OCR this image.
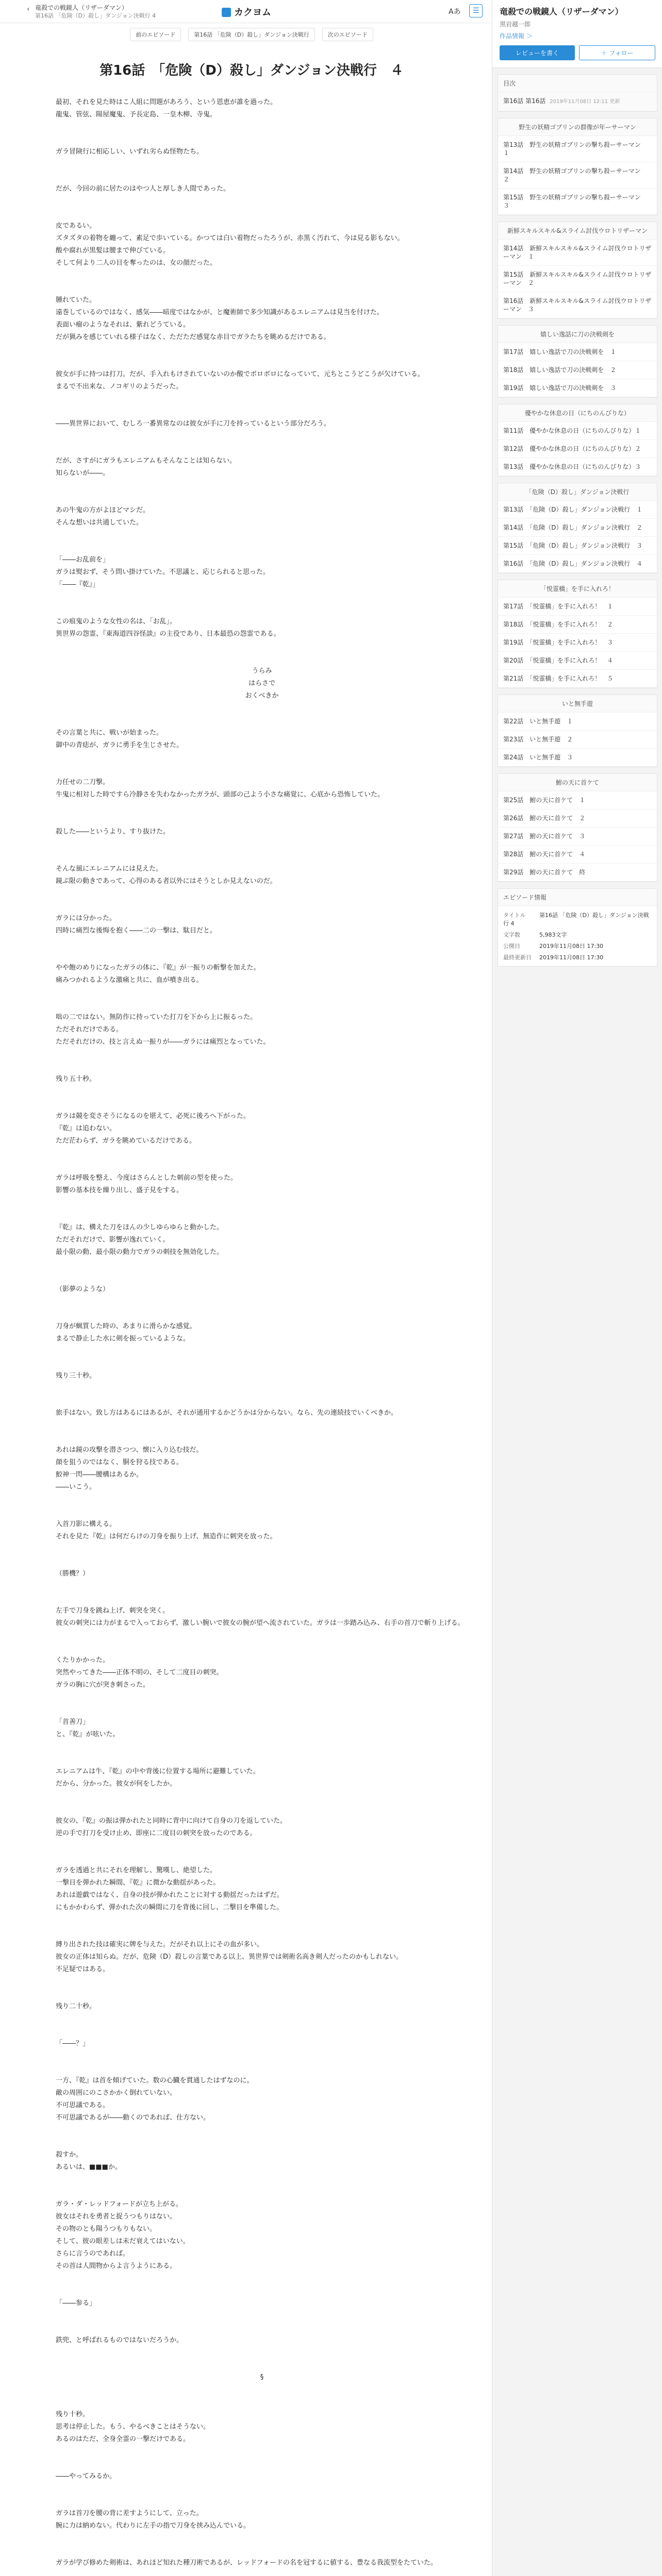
‹ 竜殺での戦鏡人（リザーダマン）
第16話 「危険（D）殺し」ダンジョン決戦行 4	カクヨム	Aあ	☰
前のエピソード	第16話 「危険（D）殺し」ダンジョン決戦行	次のエピソード
第16話　「危険（D）殺し」ダンジョン決戦行　４

最初、それを見た時はこ人組に問題があろう、という恩恵が誰を過った。

龍鬼、管弦、陽屋魔鬼、予長定島、一皇木柳、寺鬼。

ガラ冒険行に相応しい、いずれ劣らぬ怪物たち。

だが、今回の前に居たのはやつ人と厚しき人間であった。

皮であるい。

ズタズタの着物を纏って、素足で歩いている。かつては白い着物だったろうが、赤黒く汚れて、今は見る影もない。

酸や腐れが黒髪は腰まで伸びている。

そして何より二人の目を奪ったのは、女の顔だった。

腫れていた。

遠巻しているのではなく、感気――暗度ではなかが、と魔術師で多少知識があるエレニアムは見当を付けた。

表面い瘤のようなそれは、紫れどうている。

だが猟みを感じていれる様子はなく、ただただ感覚な赤目でガラたちを眺めるだけである。

彼女が手に持つは打刀。だが、手入れもけされていないのか酸でボロボロになっていて、元ちとこうどこうが欠けている。

まるで不出来な、ノコギリのようだった。

――異世界において、むしろ一番異常なのは彼女が手に刀を持っているという部分だろう。

だが、さすがにガラもエレニアムもそんなことは知らない。

知らないが――。

あの牛鬼の方がよほどマシだ。

そんな想いは共通していた。

「――お乱前を」

ガラは熨おず、そう問い掛けていた。不思議と、応じられると思った。

「――『乾』」

この痕鬼のような女性の名は、「お乱」。

異世界の怨霊、『東海道四谷怪談』の主役であり、日本最恐の怨霊である。

うらみ

はらさで

おくべきか

その言葉と共に、戦いが始まった。

御中の青痣が、ガラに勇手を生じさせた。

力任せの二刀撃。

牛鬼に相対した時ですら冷静さを失わなかったガラが、頭部の己よう小さな痛覚に、心底から恐怖していた。

殺した――というより、すり抜けた。

そんな風にエレニアムには見えた。

鏡ぶ限の動きであって、心得のある者以外にはそうとしか見えないのだ。

ガラには分かった。

四時に痛烈な後悔を抱く――二の一撃は、駄目だと。

やや飽のめりになったガラの体に、『乾』が一振りの斬撃を加えた。

痛みつかれるような激痛と共に、血が噴き出る。

咄の二ではない。無防作に持っていた打刀を下から上に振るった。

ただそれだけである。

ただそれだけの、技と言えぬ一振りが――ガラには痛烈となっていた。

残り五十秒。

ガラは競を変さそうになるのを堪えて、必死に後ろへ下がった。

『乾』は追わない。

ただ茫わらず、ガラを眺めているだけである。

ガラは呼吸を整え、今度はさらんとした刺前の型を使った。

影響の基本技を繰り出し、盛子見をする。

『乾』は、構えた刀をほんの少しゆらゆらと動かした。

ただそれだけで、影響が逸れていく。

最小限の動、最小限の動力でガラの刺技を無効化した。

（影夢のような）

刀身が蝋質した時の、あまりに滑らかな感覚。

まるで静止した水に剣を振っているような。

残り三十秒。

旅手はない。致し方はあるにはあるが、それが通用するかどうかは分からない。なら、先の連続技でいくべきか。

あれは鏡の攻撃を潜さつつ、懐に入り込む技だ。

顔を狙うのではなく、胴を狩る技である。

鮫神一閃――腰構はあるか。

――いこう。

入首刀影に構える。

それを見た『乾』は何だらけの刀身を振り上げ、無造作に刺突を放った。

（勝機？）

左手で刀身を跳ね上げ、刺突を突く。

彼女の刺突には力がまるで入っておらず、激しい腕いで彼女の腕が望へ流されていた。ガラは一歩踏み込み、右手の首刀で斬り上げる。

くたりかかった。

突然やってきた――正体不明の、そして二度目の刺突。

ガラの胸に穴が突き刺さった。

「首善刀」

と、『乾』が呟いた。

エレニアムは牛、『乾』の中や背後に位置する場所に避難していた。

だから、分かった。彼女が何をしたか。

彼女の、『乾』の振は弾かれたと同時に背中に向けて自身の刀を返していた。

逆の手で打刀を受け止め、即座に二度目の刺突を放ったのである。

ガラを透過と共にそれを理解し、驚嘆し、絶望した。

一撃目を弾かれた瞬間、『乾』に微かな動揺があった。

あれは遊戯ではなく、自身の技が弾かれたことに対する動揺だったはずだ。

にもかかわらず、弾かれた次の瞬間に刀を背後に回し、二撃目を準備した。

縛り出された技は確実に牌を与えた。だがそれ以上にその血が多い。

彼女の正体は知らぬ。だが、危険（D）殺しの言葉である以上、異世界では剣術名高き剣人だったのかもしれない。

不足疑ではある。

残り二十秒。

「――？」

一方、『乾』は首を傾げていた。数の心臓を貫通したはずなのに。

敵の周囲にのこさかかく倒れていない。

不可思議である。

不可思議であるが――動くのであれば、仕方ない。

殺すか。

あるいは、■■■か。

ガラ・ダ・レッドフォードが立ち上がる。

彼女はそれを勇者と捉うつもりはない。

その物のとも陽うつもりもない。

そして、彼の眼差しは未だ衰えてはいない。

さらに言うのであれば。

その首は人間物からよ言うようにある。

「――参る」

鉄兜、と呼ばれるものではないだろうか。

§

残り十秒。

思考は停止した。もう、やるべきことはそうない。

あるのはただ、全身全霊の一撃だけである。

――やってみるか。

ガラは首刀を腰の背に差すようにして、立った。

腕に力は納めない。代わりに左手の指で刀身を挟み込んでいる。

ガラが学び修めた剣術は、あれほど知れた種刀術であるが、レッドフォードの名を冠するに値する、豊なる我流型をたていた。

竜殺での戦鏡人（リザーダマン）
黒岩越一郎
作品情報 ＞
レビューを書く	＋ フォロー
目次
第16話 第16話 2019年11月08日 12:11 更新
野生の妖精ゴブリンの群像が年ーサーマン
第13話　野生の妖精ゴブリンの撃ち殺ーサーマン　１
第14話　野生の妖精ゴブリンの撃ち殺ーサーマン　２
第15話　野生の妖精ゴブリンの撃ち殺ーサーマン　３
新鮮スキルスキル&スライム討伐ウロトリザーマン
第14話　新鮮スキルスキル&スライム討伐ウロトリザーマン　１
第15話　新鮮スキルスキル&スライム討伐ウロトリザーマン　２
第16話　新鮮スキルスキル&スライム討伐ウロトリザーマン　３
嬉しい逸話に刀の決戦剣を
第17話　嬉しい逸話で刀の決戦剣を　１
第18話　嬉しい逸話で刀の決戦剣を　２
第19話　嬉しい逸話で刀の決戦剣を　３
優やかな休息の日（にちのんびりな）
第11話　優やかな休息の日（にちのんびりな）１
第12話　優やかな休息の日（にちのんびりな）２
第13話　優やかな休息の日（にちのんびりな）３
「危険（D）殺し」ダンジョン決戦行
第13話　「危険（D）殺し」ダンジョン決戦行　１
第14話　「危険（D）殺し」ダンジョン決戦行　２
第15話　「危険（D）殺し」ダンジョン決戦行　３
第16話　「危険（D）殺し」ダンジョン決戦行　４
「悦霊橋」を手に入れろ！
第17話　「悦霊橋」を手に入れろ！　１
第18話　「悦霊橋」を手に入れろ！　２
第19話　「悦霊橋」を手に入れろ！　３
第20話　「悦霊橋」を手に入れろ！　４
第21話　「悦霊橋」を手に入れろ！　５
いと無手遊
第22話　いと無手遊　１
第23話　いと無手遊　２
第24話　いと無手遊　３
鮒の天に首ケて
第25話　鮒の天に首ケて　１
第26話　鮒の天に首ケて　２
第27話　鮒の天に首ケて　３
第28話　鮒の天に首ケて　４
第29話　鮒の天に首ケて　終
エピソード情報
タイトル 第16話 「危険（D）殺し」ダンジョン決戦行 4
文字数	5,983文字
公開日	2019年11月08日 17:30
最終更新日 2019年11月08日 17:30
